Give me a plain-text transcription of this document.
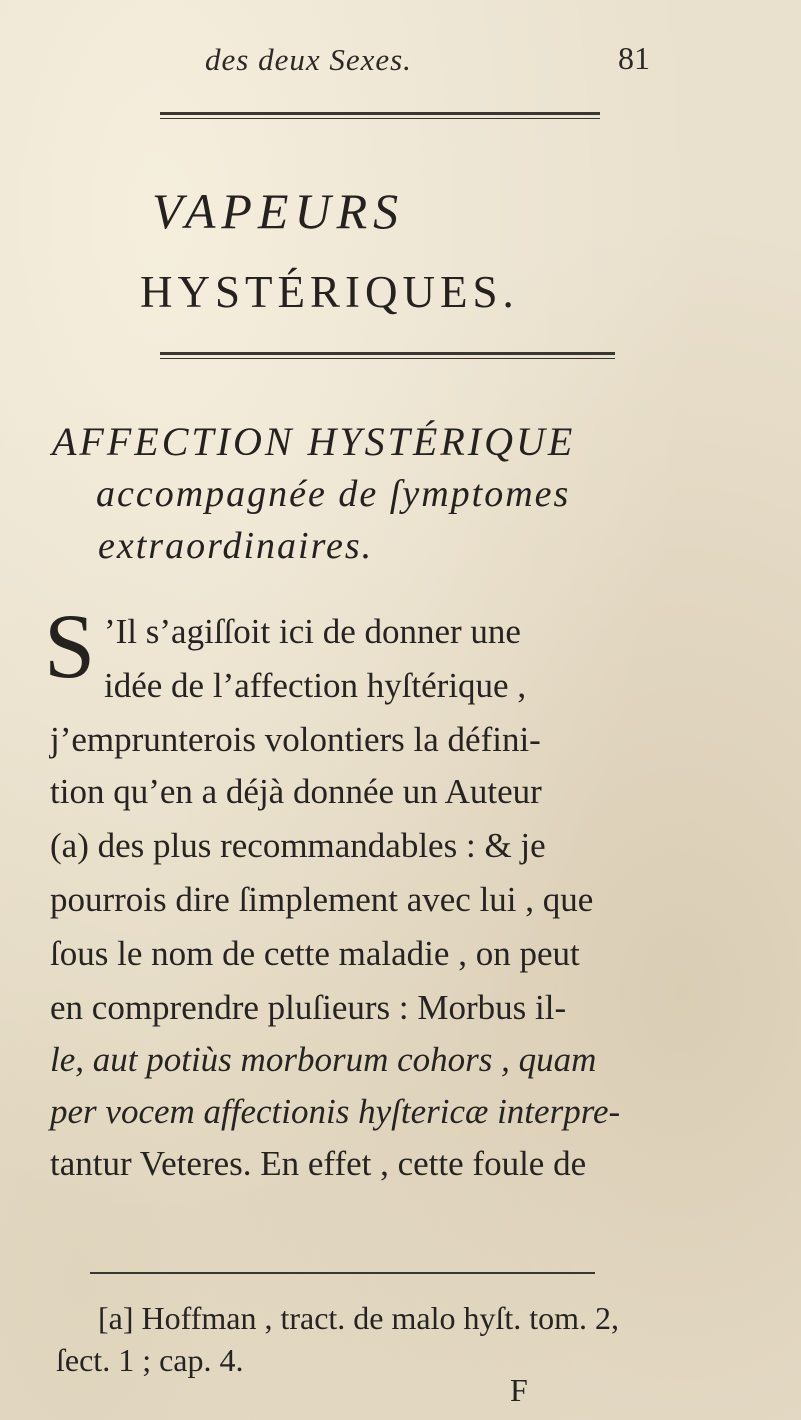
des deux Sexes.	81
VAPEURS
HYSTÉRIQUES.
AFFECTION HYSTÉRIQUE

accompagnée de ſymptomes

extraordinaires.

S ’Il s’agiſſoit ici de donner une

idée de l’affection hyſtérique ,

j’emprunterois volontiers la défini-

tion qu’en a déjà donnée un Auteur

(a) des plus recommandables : & je

pourrois dire ſimplement avec lui , que

ſous le nom de cette maladie , on peut

en comprendre pluſieurs : Morbus il-

le, aut potiùs morborum cohors , quam

per vocem affectionis hyſtericæ interpre-

tantur Veteres. En effet , cette foule de

[a] Hoffman , tract. de malo hyſt. tom. 2,

ſect. 1 ; cap. 4.

F
